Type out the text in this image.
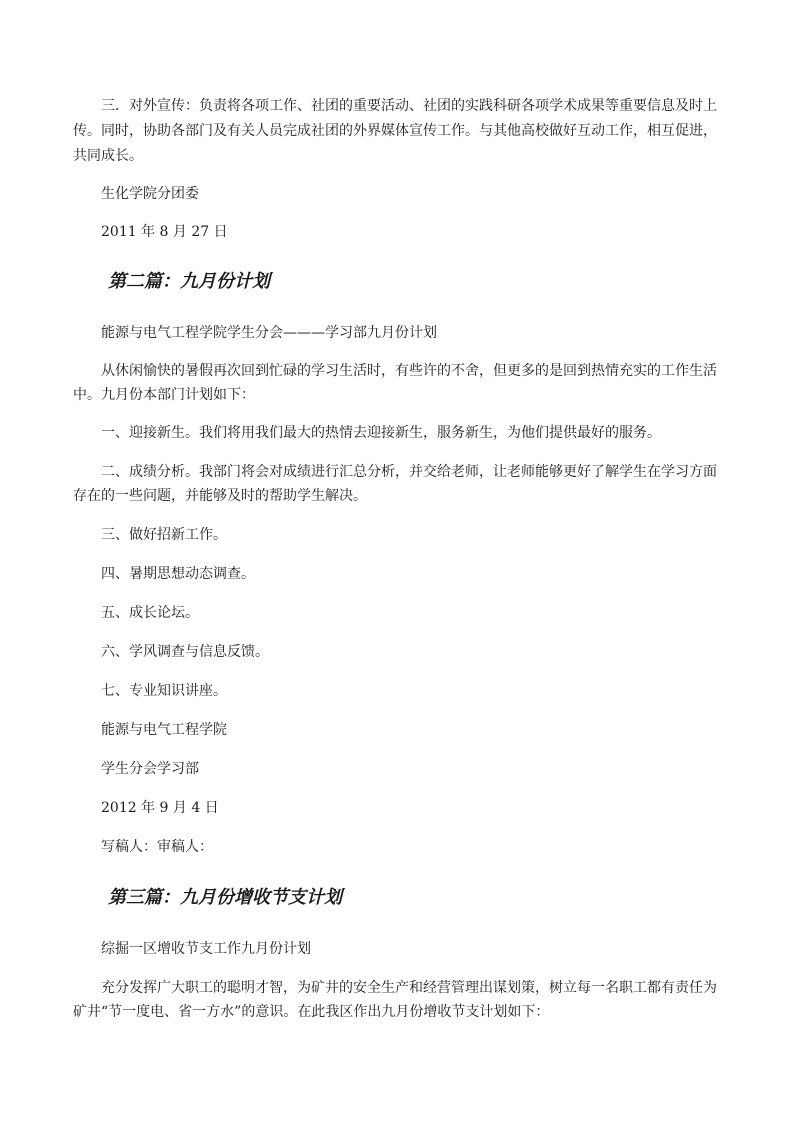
三．对外宣传：负责将各项工作、社团的重要活动、社团的实践科研各项学术成果等重要信息及时上

传。同时，协助各部门及有关人员完成社团的外界媒体宣传工作。与其他高校做好互动工作，相互促进，

共同成长。

生化学院分团委

2011 年 8 月 27 日

第二篇：九月份计划

能源与电气工程学院学生分会———学习部九月份计划

从休闲愉快的暑假再次回到忙碌的学习生活时，有些许的不舍，但更多的是回到热情充实的工作生活

中。九月份本部门计划如下：

一、迎接新生。我们将用我们最大的热情去迎接新生，服务新生，为他们提供最好的服务。

二、成绩分析。我部门将会对成绩进行汇总分析，并交给老师，让老师能够更好了解学生在学习方面

存在的一些问题，并能够及时的帮助学生解决。

三、做好招新工作。

四、暑期思想动态调查。

五、成长论坛。

六、学风调查与信息反馈。

七、专业知识讲座。

能源与电气工程学院

学生分会学习部

2012 年 9 月 4 日

写稿人：审稿人：

第三篇：九月份增收节支计划

综掘一区增收节支工作九月份计划

充分发挥广大职工的聪明才智，为矿井的安全生产和经营管理出谋划策，树立每一名职工都有责任为

矿井“节一度电、省一方水”的意识。在此我区作出九月份增收节支计划如下：
